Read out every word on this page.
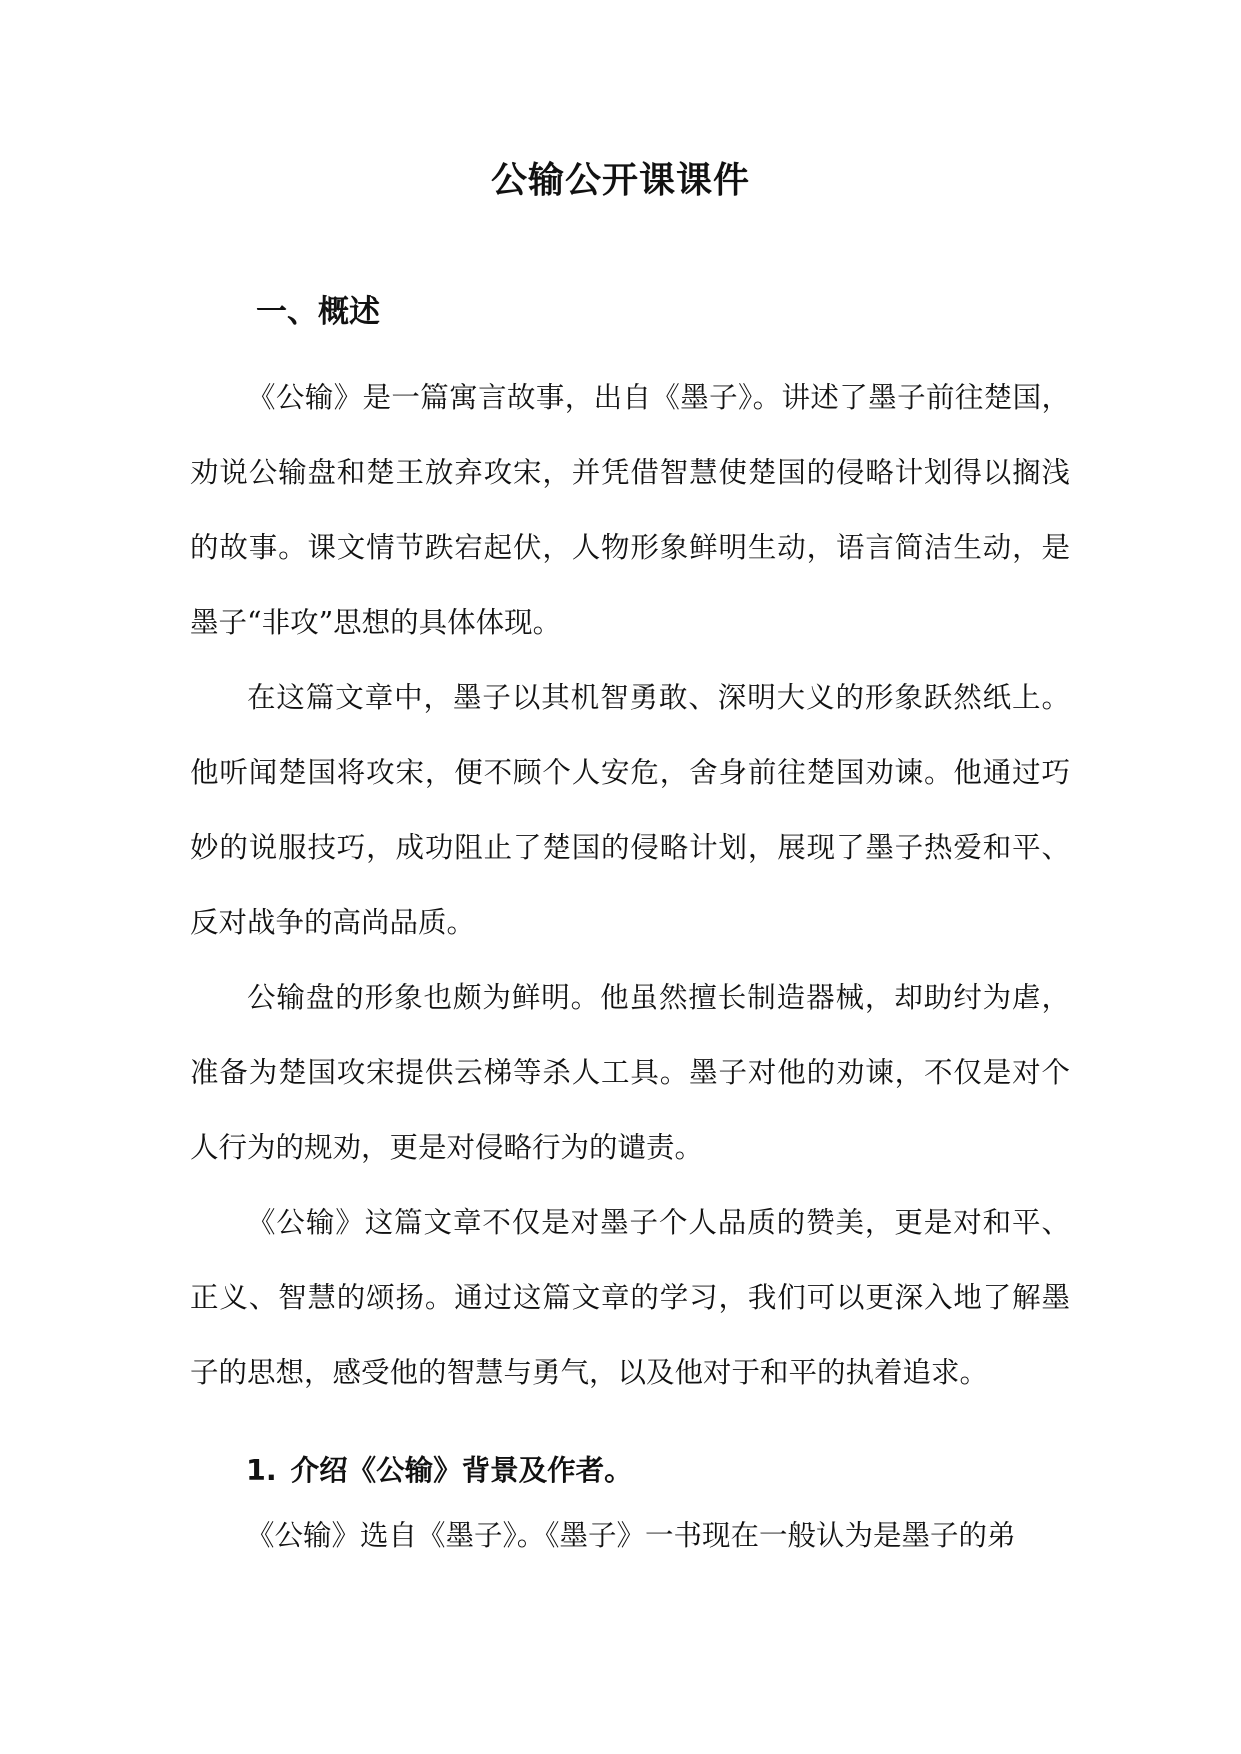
公输公开课课件
一、概述

《公输》是一篇寓言故事，出自《墨子》。讲述了墨子前往楚国，劝说公输盘和楚王放弃攻宋，并凭借智慧使楚国的侵略计划得以搁浅的故事。课文情节跌宕起伏，人物形象鲜明生动，语言简洁生动，是墨子“非攻”思想的具体体现。

在这篇文章中，墨子以其机智勇敢、深明大义的形象跃然纸上。他听闻楚国将攻宋，便不顾个人安危，舍身前往楚国劝谏。他通过巧妙的说服技巧，成功阻止了楚国的侵略计划，展现了墨子热爱和平、反对战争的高尚品质。

公输盘的形象也颇为鲜明。他虽然擅长制造器械，却助纣为虐，准备为楚国攻宋提供云梯等杀人工具。墨子对他的劝谏，不仅是对个人行为的规劝，更是对侵略行为的谴责。

《公输》这篇文章不仅是对墨子个人品质的赞美，更是对和平、正义、智慧的颂扬。通过这篇文章的学习，我们可以更深入地了解墨子的思想，感受他的智慧与勇气，以及他对于和平的执着追求。

1. 介绍《公输》背景及作者。

《公输》选自《墨子》。《墨子》一书现在一般认为是墨子的弟
